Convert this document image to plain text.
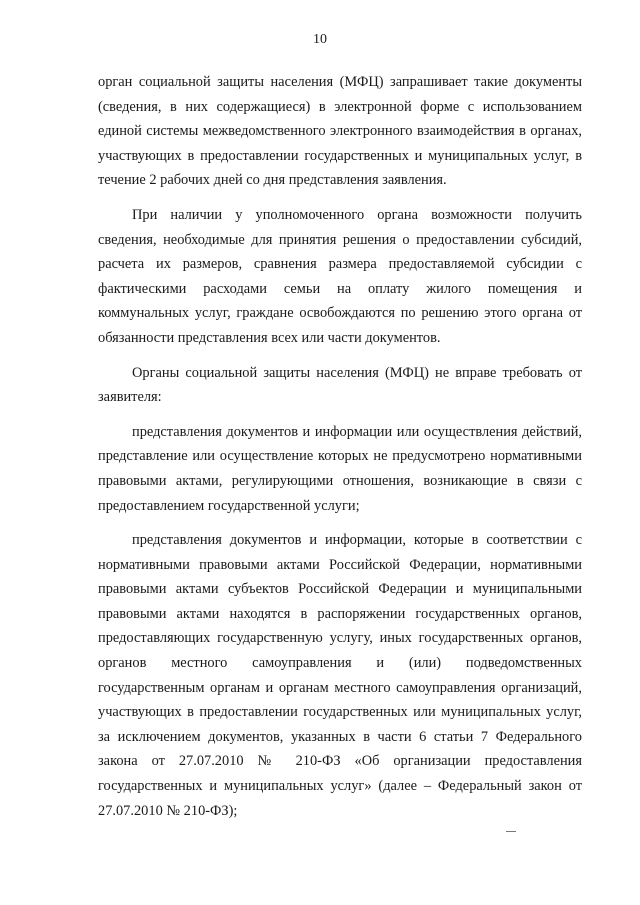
10

орган социальной защиты населения (МФЦ) запрашивает такие документы (сведения, в них содержащиеся) в электронной форме с использованием единой системы межведомственного электронного взаимодействия в органах, участвующих в предоставлении государственных и муниципальных услуг, в течение 2 рабочих дней со дня представления заявления.

При наличии у уполномоченного органа возможности получить сведения, необходимые для принятия решения о предоставлении субсидий, расчета их размеров, сравнения размера предоставляемой субсидии с фактическими расходами семьи на оплату жилого помещения и коммунальных услуг, граждане освобождаются по решению этого органа от обязанности представления всех или части документов.

Органы социальной защиты населения (МФЦ) не вправе требовать от заявителя:

представления документов и информации или осуществления действий, представление или осуществление которых не предусмотрено нормативными правовыми актами, регулирующими отношения, возникающие в связи с предоставлением государственной услуги;

представления документов и информации, которые в соответствии с нормативными правовыми актами Российской Федерации, нормативными правовыми актами субъектов Российской Федерации и муниципальными правовыми актами находятся в распоряжении государственных органов, предоставляющих государственную услугу, иных государственных органов, органов местного самоуправления и (или) подведомственных государственным органам и органам местного самоуправления организаций, участвующих в предоставлении государственных или муниципальных услуг, за исключением документов, указанных в части 6 статьи 7 Федерального закона от 27.07.2010 № 210-ФЗ «Об организации предоставления государственных и муниципальных услуг» (далее – Федеральный закон от 27.07.2010 № 210-ФЗ);
